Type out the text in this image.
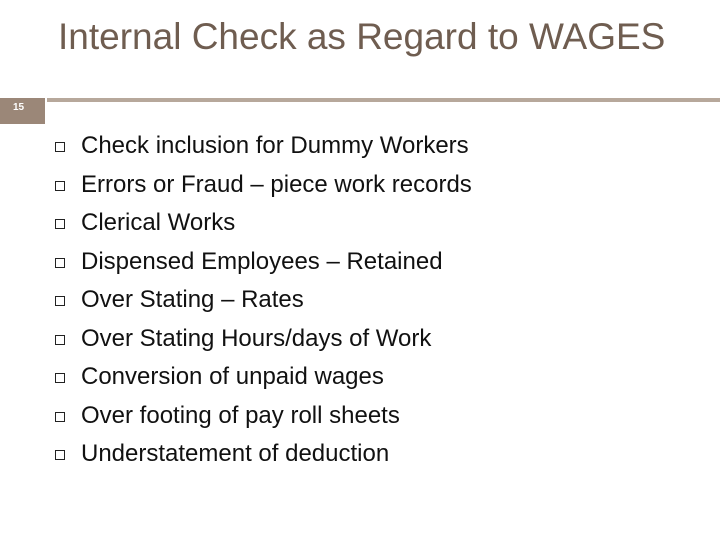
Internal Check as Regard to WAGES
15
Check inclusion for Dummy Workers
Errors or Fraud – piece work records
Clerical Works
Dispensed Employees – Retained
Over Stating – Rates
Over Stating Hours/days of Work
Conversion of unpaid wages
Over footing of pay roll sheets
Understatement of deduction
